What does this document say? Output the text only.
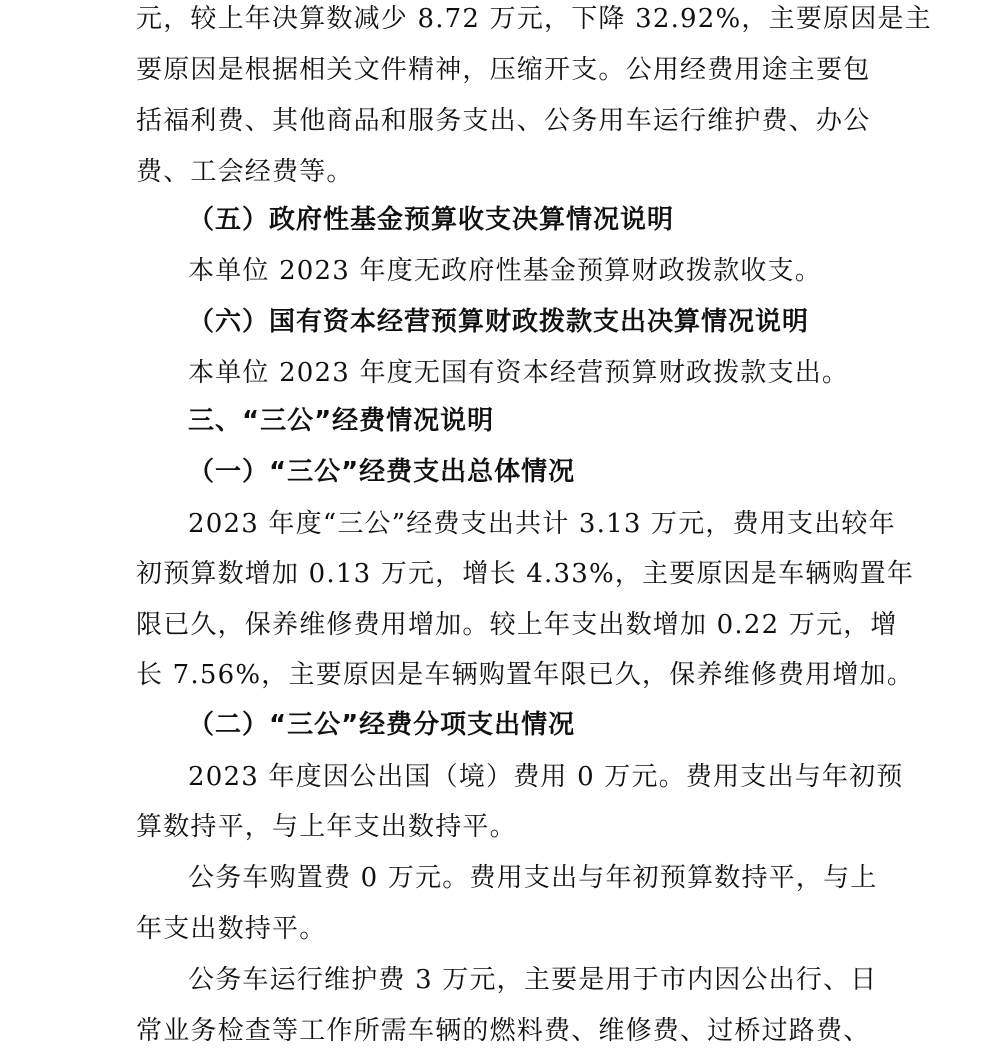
元，较上年决算数减少 8.72 万元，下降 32.92%，主要原因是主
要原因是根据相关文件精神，压缩开支。公用经费用途主要包
括福利费、其他商品和服务支出、公务用车运行维护费、办公
费、工会经费等。
（五）政府性基金预算收支决算情况说明
本单位 2023 年度无政府性基金预算财政拨款收支。
（六）国有资本经营预算财政拨款支出决算情况说明
本单位 2023 年度无国有资本经营预算财政拨款支出。
三、“三公”经费情况说明
（一）“三公”经费支出总体情况
2023 年度“三公”经费支出共计 3.13 万元，费用支出较年
初预算数增加 0.13 万元，增长 4.33%，主要原因是车辆购置年
限已久，保养维修费用增加。较上年支出数增加 0.22 万元，增
长 7.56%，主要原因是车辆购置年限已久，保养维修费用增加。
（二）“三公”经费分项支出情况
2023 年度因公出国（境）费用 0 万元。费用支出与年初预
算数持平，与上年支出数持平。
公务车购置费 0 万元。费用支出与年初预算数持平，与上
年支出数持平。
公务车运行维护费 3 万元，主要是用于市内因公出行、日
常业务检查等工作所需车辆的燃料费、维修费、过桥过路费、
